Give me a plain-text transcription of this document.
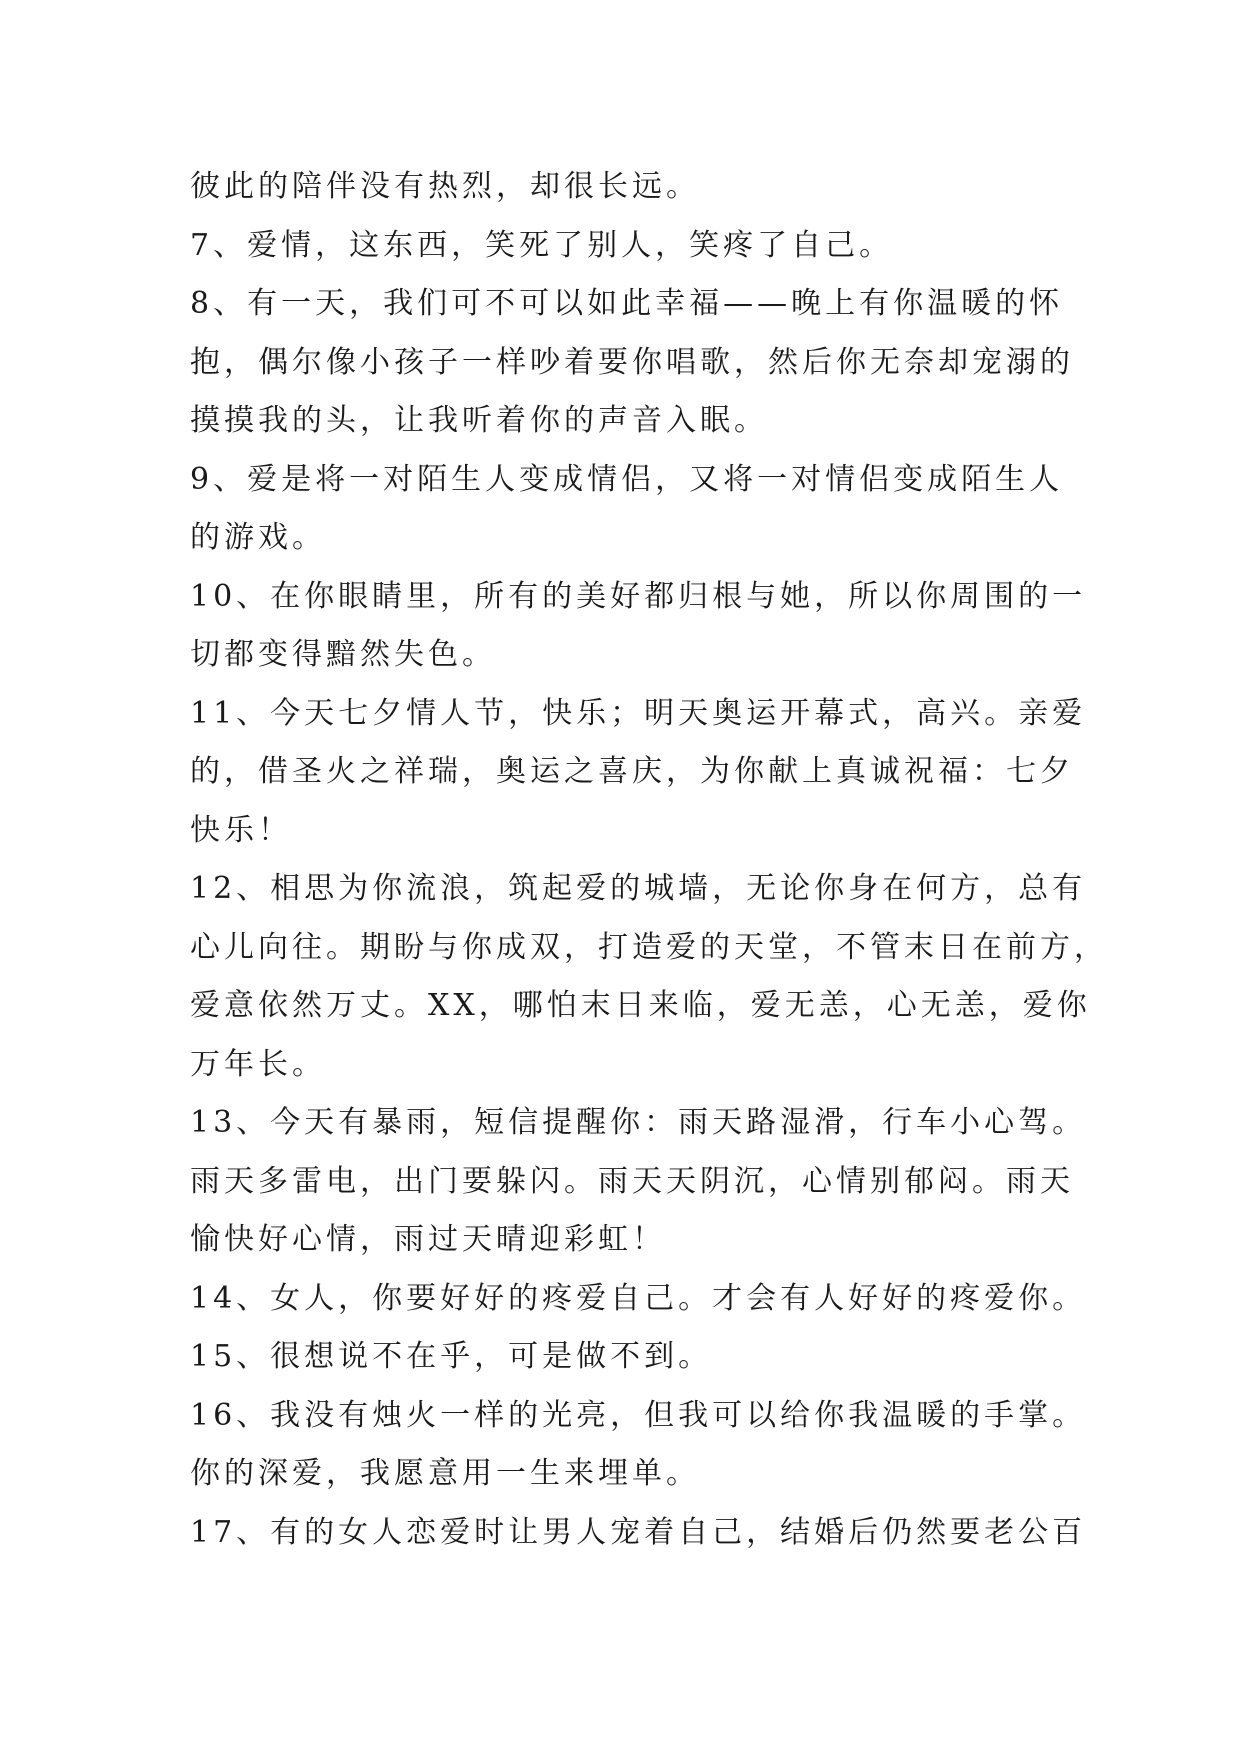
彼此的陪伴没有热烈，却很长远。
7、爱情，这东西，笑死了别人，笑疼了自己。
8、有一天，我们可不可以如此幸福——晚上有你温暖的怀
抱，偶尔像小孩子一样吵着要你唱歌，然后你无奈却宠溺的
摸摸我的头，让我听着你的声音入眠。
9、爱是将一对陌生人变成情侣，又将一对情侣变成陌生人
的游戏。
10、在你眼睛里，所有的美好都归根与她，所以你周围的一
切都变得黯然失色。
11、今天七夕情人节，快乐；明天奥运开幕式，高兴。亲爱
的，借圣火之祥瑞，奥运之喜庆，为你献上真诚祝福：七夕
快乐！
12、相思为你流浪，筑起爱的城墙，无论你身在何方，总有
心儿向往。期盼与你成双，打造爱的天堂，不管末日在前方，
爱意依然万丈。XX，哪怕末日来临，爱无恙，心无恙，爱你
万年长。
13、今天有暴雨，短信提醒你：雨天路湿滑，行车小心驾。
雨天多雷电，出门要躲闪。雨天天阴沉，心情别郁闷。雨天
愉快好心情，雨过天晴迎彩虹！
14、女人，你要好好的疼爱自己。才会有人好好的疼爱你。
15、很想说不在乎，可是做不到。
16、我没有烛火一样的光亮，但我可以给你我温暖的手掌。
你的深爱，我愿意用一生来埋单。
17、有的女人恋爱时让男人宠着自己，结婚后仍然要老公百
